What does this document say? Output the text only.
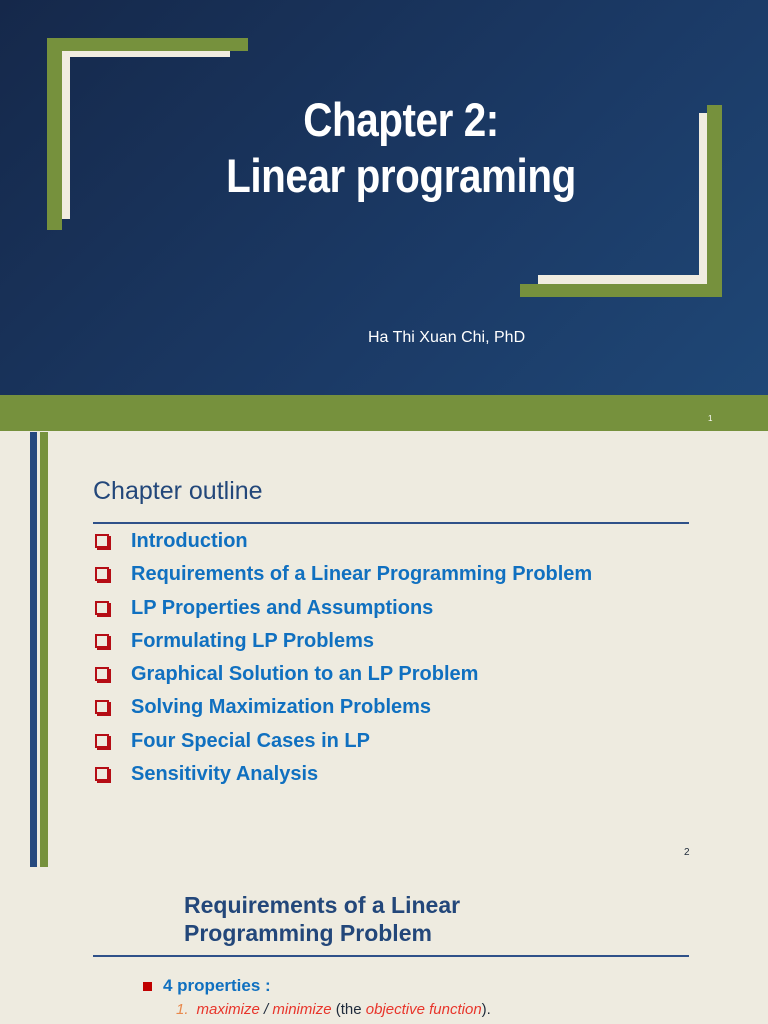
Chapter 2:
Linear programing
Ha Thi Xuan Chi, PhD
1
Chapter outline
Introduction
Requirements of a Linear Programming Problem
LP Properties and Assumptions
Formulating LP Problems
Graphical Solution to an LP Problem
Solving Maximization Problems
Four Special Cases in LP
Sensitivity Analysis
2
Requirements of a Linear
Programming Problem
4 properties :
1. maximize / minimize (the objective function).
